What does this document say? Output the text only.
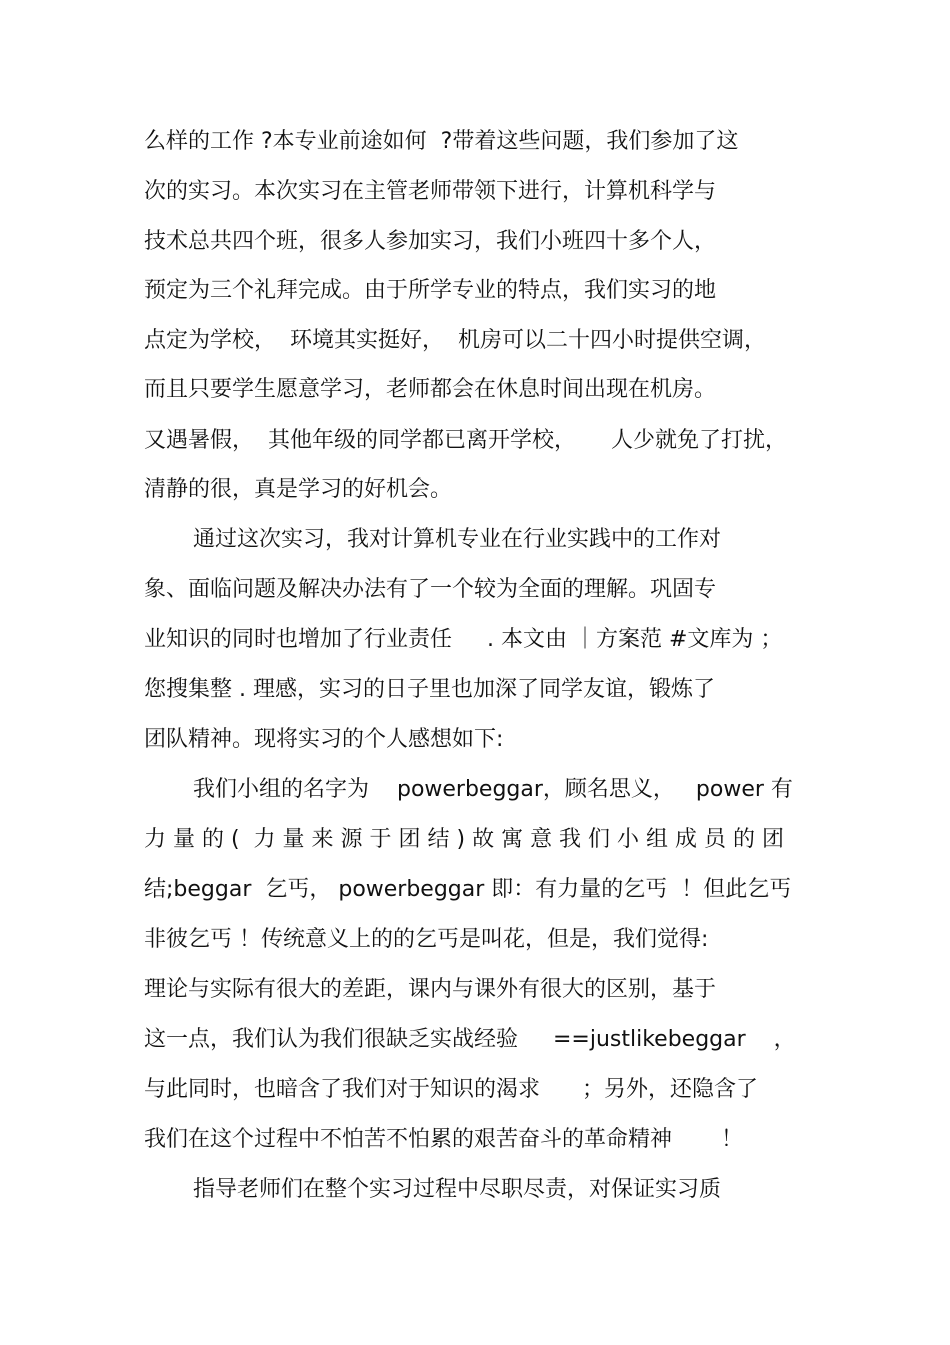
么样的工作 ?本专业前途如何  ?带着这些问题，我们参加了这
次的实习。本次实习在主管老师带领下进行，计算机科学与
技术总共四个班，很多人参加实习，我们小班四十多个人，
预定为三个礼拜完成。由于所学专业的特点，我们实习的地
点定为学校，  环境其实挺好，  机房可以二十四小时提供空调，
而且只要学生愿意学习，老师都会在休息时间出现在机房。
又遇暑假，  其他年级的同学都已离开学校，     人少就免了打扰，
清静的很，真是学习的好机会。
通过这次实习，我对计算机专业在行业实践中的工作对
象、面临问题及解决办法有了一个较为全面的理解。巩固专
业知识的同时也增加了行业责任     . 本文由 ｜方案范 #文库为 ；
您搜集整 . 理感，实习的日子里也加深了同学友谊，锻炼了
团队精神。现将实习的个人感想如下:
我们小组的名字为    powerbeggar，顾名思义，   power 有
力 量 的 (  力 量 来 源 于 团 结 ) 故 寓 意 我 们 小 组 成 员 的 团
结;beggar  乞丐， powerbeggar 即：有力量的乞丐  ！但此乞丐
非彼乞丐 ！传统意义上的的乞丐是叫花，但是，我们觉得:
理论与实际有很大的差距，课内与课外有很大的区别，基于
这一点，我们认为我们很缺乏实战经验     ==justlikebeggar    ，
与此同时，也暗含了我们对于知识的渴求      ；另外，还隐含了
我们在这个过程中不怕苦不怕累的艰苦奋斗的革命精神       ！
指导老师们在整个实习过程中尽职尽责，对保证实习质
